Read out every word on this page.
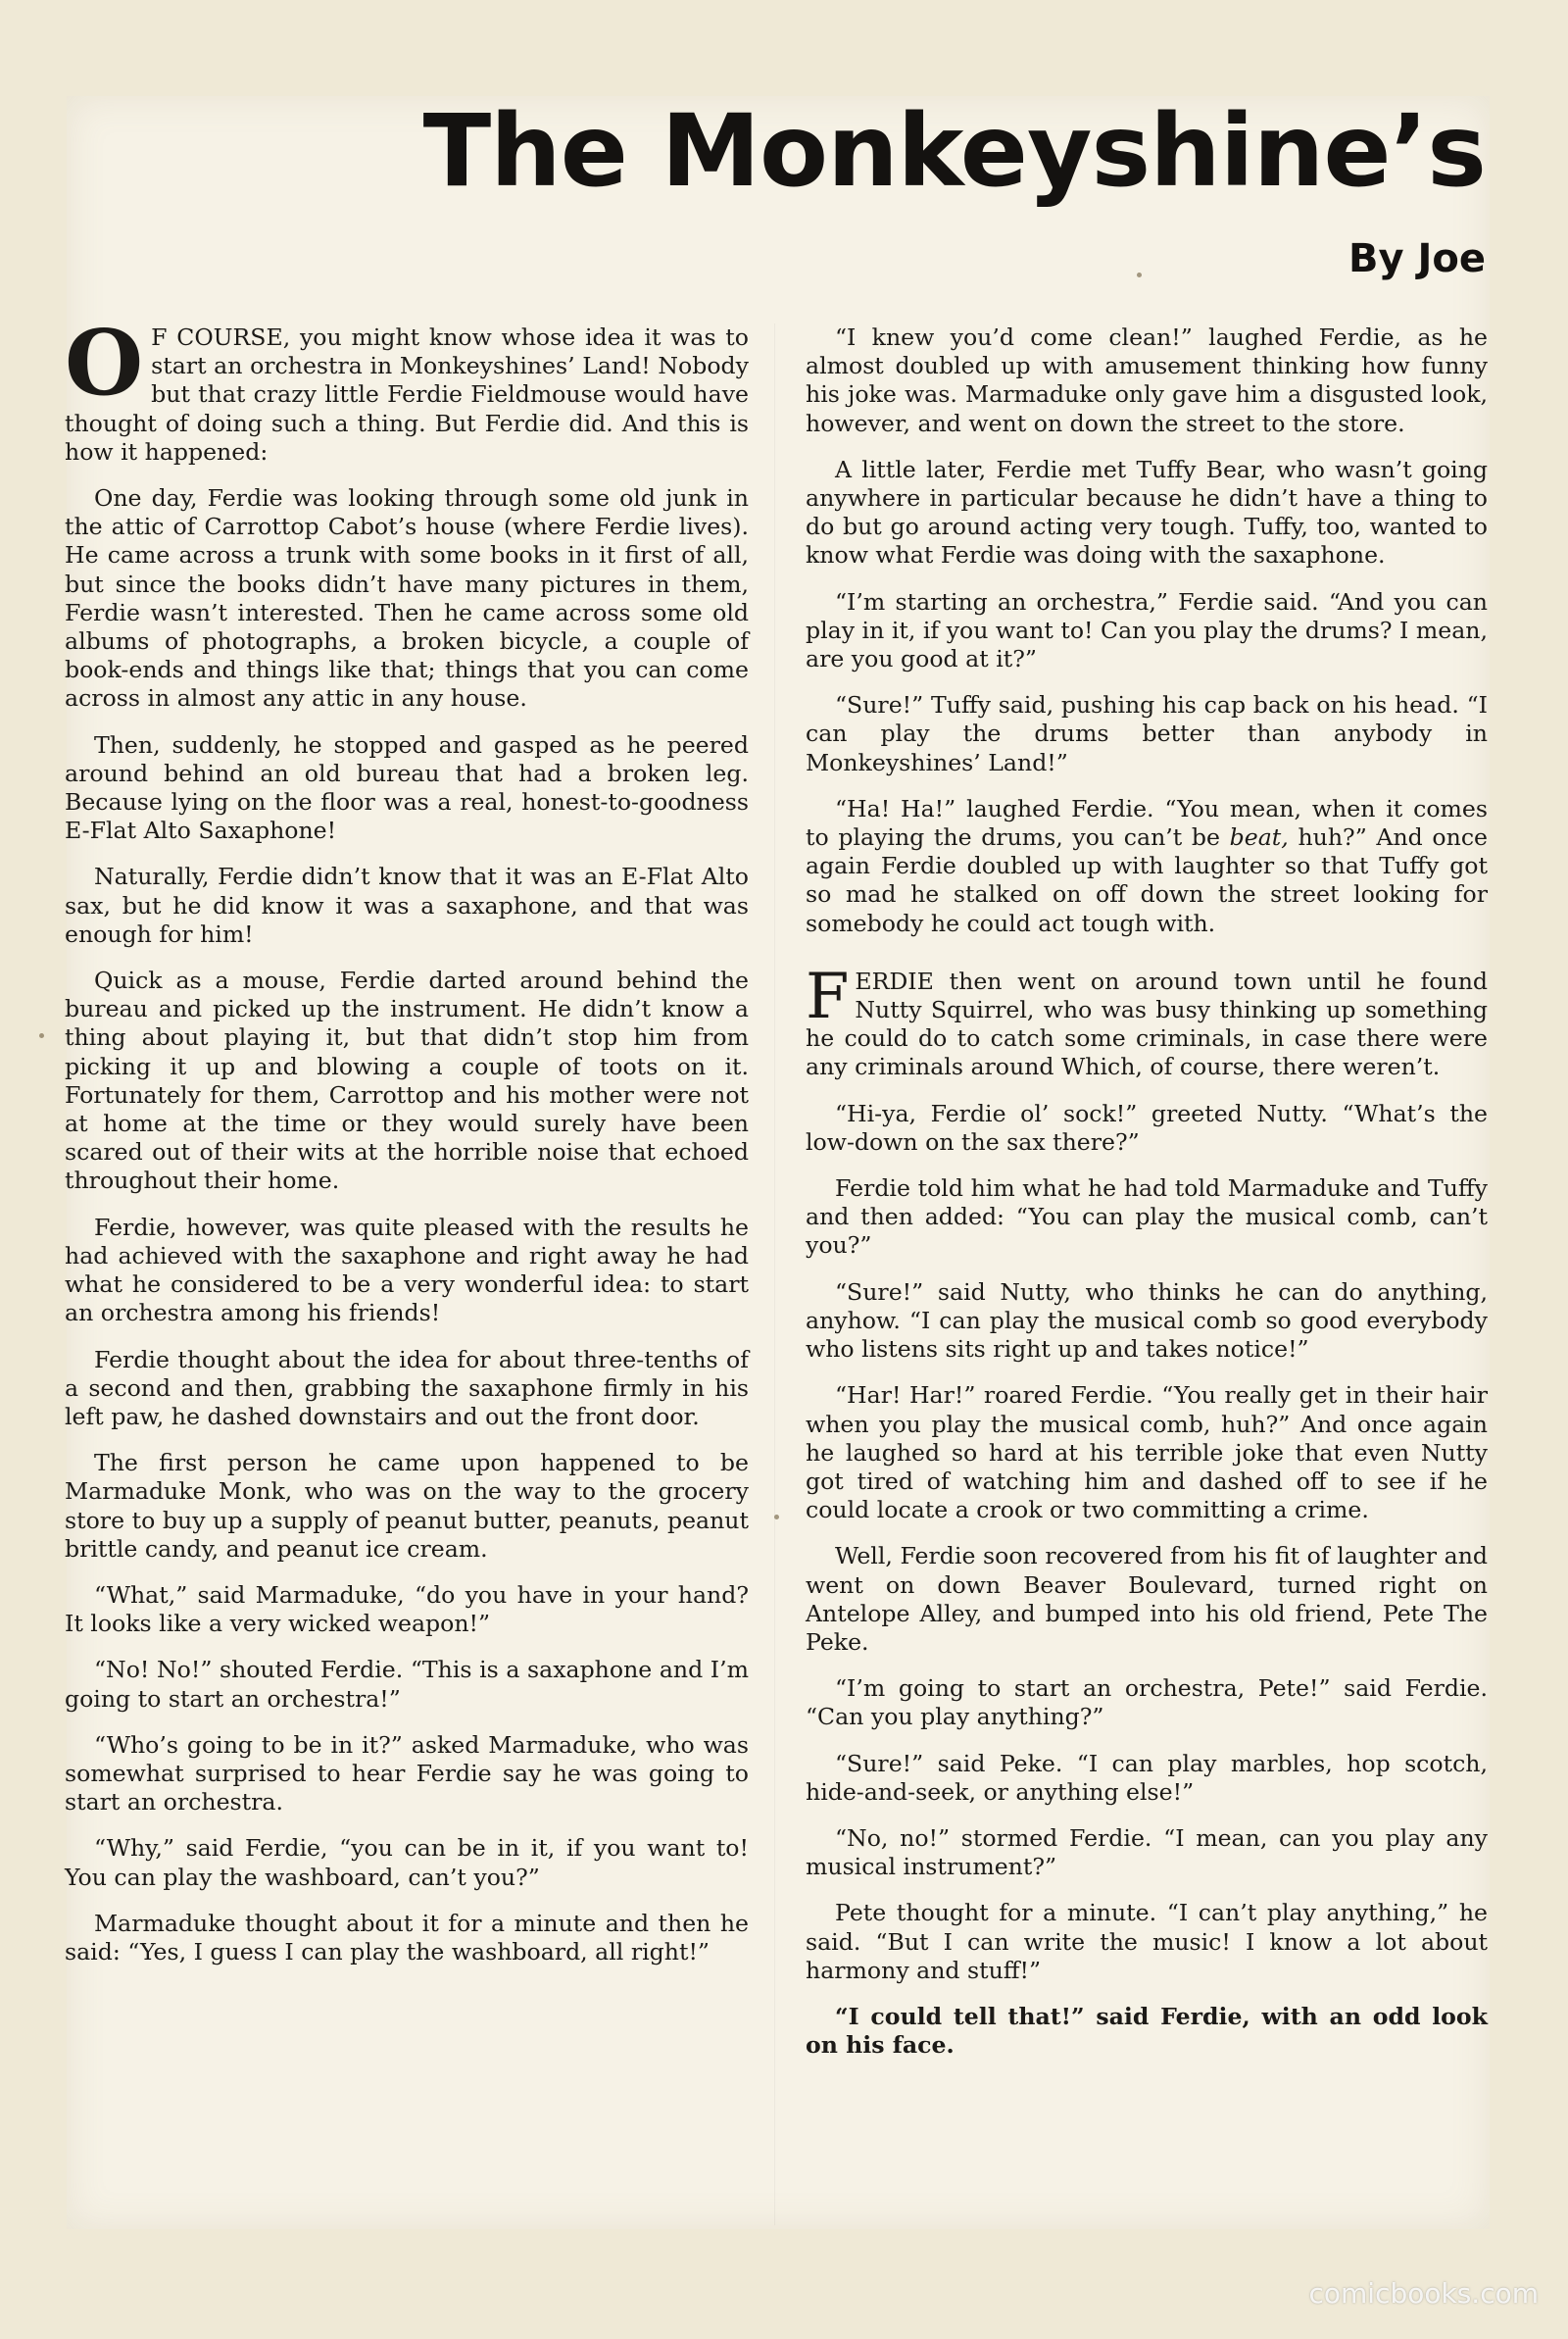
The Monkeyshine’s
By Joe

O F COURSE, you might know whose idea it was to start an orchestra in Monkeyshines’ Land! Nobody but that crazy little Ferdie Fieldmouse would have thought of doing such a thing. But Ferdie did. And this is how it happened:

One day, Ferdie was looking through some old junk in the attic of Carrottop Cabot’s house (where Ferdie lives). He came across a trunk with some books in it first of all, but since the books didn’t have many pictures in them, Ferdie wasn’t interested. Then he came across some old albums of photographs, a broken bicycle, a couple of book-ends and things like that; things that you can come across in almost any attic in any house.

Then, suddenly, he stopped and gasped as he peered around behind an old bureau that had a broken leg. Because lying on the floor was a real, honest-to-goodness E-Flat Alto Saxaphone!

Naturally, Ferdie didn’t know that it was an E-Flat Alto sax, but he did know it was a saxaphone, and that was enough for him!

Quick as a mouse, Ferdie darted around behind the bureau and picked up the instrument. He didn’t know a thing about playing it, but that didn’t stop him from picking it up and blowing a couple of toots on it. Fortunately for them, Carrottop and his mother were not at home at the time or they would surely have been scared out of their wits at the horrible noise that echoed throughout their home.

Ferdie, however, was quite pleased with the results he had achieved with the saxaphone and right away he had what he considered to be a very wonderful idea: to start an orchestra among his friends!

Ferdie thought about the idea for about three-tenths of a second and then, grabbing the saxaphone firmly in his left paw, he dashed downstairs and out the front door.

The first person he came upon happened to be Marmaduke Monk, who was on the way to the grocery store to buy up a supply of peanut butter, peanuts, peanut brittle candy, and peanut ice cream.

“What,” said Marmaduke, “do you have in your hand? It looks like a very wicked weapon!”

“No! No!” shouted Ferdie. “This is a saxaphone and I’m going to start an orchestra!”

“Who’s going to be in it?” asked Marmaduke, who was somewhat surprised to hear Ferdie say he was going to start an orchestra.

“Why,” said Ferdie, “you can be in it, if you want to! You can play the washboard, can’t you?”

Marmaduke thought about it for a minute and then he said: “Yes, I guess I can play the washboard, all right!”

“I knew you’d come clean!” laughed Ferdie, as he almost doubled up with amusement thinking how funny his joke was. Marmaduke only gave him a disgusted look, however, and went on down the street to the store.

A little later, Ferdie met Tuffy Bear, who wasn’t going anywhere in particular because he didn’t have a thing to do but go around acting very tough. Tuffy, too, wanted to know what Ferdie was doing with the saxaphone.

“I’m starting an orchestra,” Ferdie said. “And you can play in it, if you want to! Can you play the drums? I mean, are you good at it?”

“Sure!” Tuffy said, pushing his cap back on his head. “I can play the drums better than anybody in Monkeyshines’ Land!”

“Ha! Ha!” laughed Ferdie. “You mean, when it comes to playing the drums, you can’t be beat, huh?” And once again Ferdie doubled up with laughter so that Tuffy got so mad he stalked on off down the street looking for somebody he could act tough with.

FERDIE then went on around town until he found Nutty Squirrel, who was busy thinking up something he could do to catch some criminals, in case there were any criminals around Which, of course, there weren’t.

“Hi-ya, Ferdie ol’ sock!” greeted Nutty. “What’s the low-down on the sax there?”

Ferdie told him what he had told Marmaduke and Tuffy and then added: “You can play the musical comb, can’t you?”

“Sure!” said Nutty, who thinks he can do anything, anyhow. “I can play the musical comb so good everybody who listens sits right up and takes notice!”

“Har! Har!” roared Ferdie. “You really get in their hair when you play the musical comb, huh?” And once again he laughed so hard at his terrible joke that even Nutty got tired of watching him and dashed off to see if he could locate a crook or two committing a crime.

Well, Ferdie soon recovered from his fit of laughter and went on down Beaver Boulevard, turned right on Antelope Alley, and bumped into his old friend, Pete The Peke.

“I’m going to start an orchestra, Pete!” said Ferdie. “Can you play anything?”

“Sure!” said Peke. “I can play marbles, hop scotch, hide-and-seek, or anything else!”

“No, no!” stormed Ferdie. “I mean, can you play any musical instrument?”

Pete thought for a minute. “I can’t play anything,” he said. “But I can write the music! I know a lot about harmony and stuff!”

“I could tell that!” said Ferdie, with an odd look on his face.

comicbooks.com
